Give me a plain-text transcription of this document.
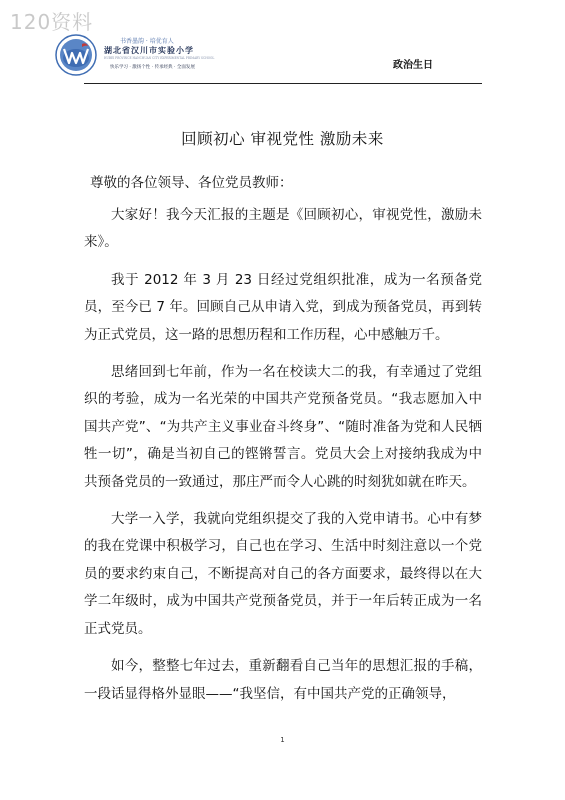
120资料
书香墨韵 · 培优育人
湖北省汉川市实验小学
HUBEI PROVINCE HANCHUAN CITY EXPERIMENTAL PRIMARY SCHOOL
快乐学习 · 激扬个性 · 传承经典 · 全面发展	政治生日
回顾初心 审视党性 激励未来
尊敬的各位领导、各位党员教师：

大家好！我今天汇报的主题是《回顾初心，审视党性，激励未来》。

我于 2012 年 3 月 23 日经过党组织批准，成为一名预备党员，至今已 7 年。回顾自己从申请入党，到成为预备党员，再到转为正式党员，这一路的思想历程和工作历程，心中感触万千。

思绪回到七年前，作为一名在校读大二的我，有幸通过了党组织的考验，成为一名光荣的中国共产党预备党员。“我志愿加入中国共产党”、“为共产主义事业奋斗终身”、“随时准备为党和人民牺牲一切”，确是当初自己的铿锵誓言。党员大会上对接纳我成为中共预备党员的一致通过，那庄严而令人心跳的时刻犹如就在昨天。

大学一入学，我就向党组织提交了我的入党申请书。心中有梦的我在党课中积极学习，自己也在学习、生活中时刻注意以一个党员的要求约束自己，不断提高对自己的各方面要求，最终得以在大学二年级时，成为中国共产党预备党员，并于一年后转正成为一名正式党员。

如今，整整七年过去，重新翻看自己当年的思想汇报的手稿，一段话显得格外显眼——“我坚信，有中国共产党的正确领导，

1
